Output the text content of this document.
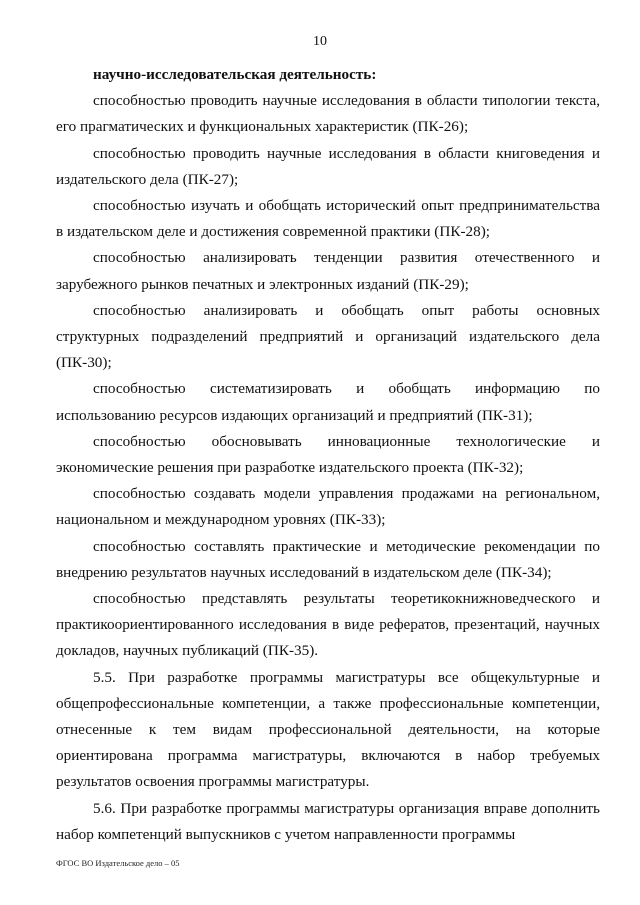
10

научно-исследовательская деятельность:

способностью проводить научные исследования в области типологии текста, его прагматических и функциональных характеристик (ПК-26);

способностью проводить научные исследования в области книговедения и издательского дела (ПК-27);

способностью изучать и обобщать исторический опыт предпринимательства в издательском деле и достижения современной практики (ПК-28);

способностью анализировать тенденции развития отечественного и зарубежного рынков печатных и электронных изданий (ПК-29);

способностью анализировать и обобщать опыт работы основных структурных подразделений предприятий и организаций издательского дела (ПК-30);

способностью систематизировать и обобщать информацию по использованию ресурсов издающих организаций и предприятий (ПК-31);

способностью обосновывать инновационные технологические и экономические решения при разработке издательского проекта (ПК-32);

способностью создавать модели управления продажами на региональном, национальном и международном уровнях (ПК-33);

способностью составлять практические и методические рекомендации по внедрению результатов научных исследований в издательском деле (ПК-34);

способностью представлять результаты теоретикокнижноведческого и практикоориентированного исследования в виде рефератов, презентаций, научных докладов, научных публикаций (ПК-35).

5.5. При разработке программы магистратуры все общекультурные и общепрофессиональные компетенции, а также профессиональные компетенции, отнесенные к тем видам профессиональной деятельности, на которые ориентирована программа магистратуры, включаются в набор требуемых результатов освоения программы магистратуры.

5.6. При разработке программы магистратуры организация вправе дополнить набор компетенций выпускников с учетом направленности программы

ФГОС ВО Издательское дело – 05
